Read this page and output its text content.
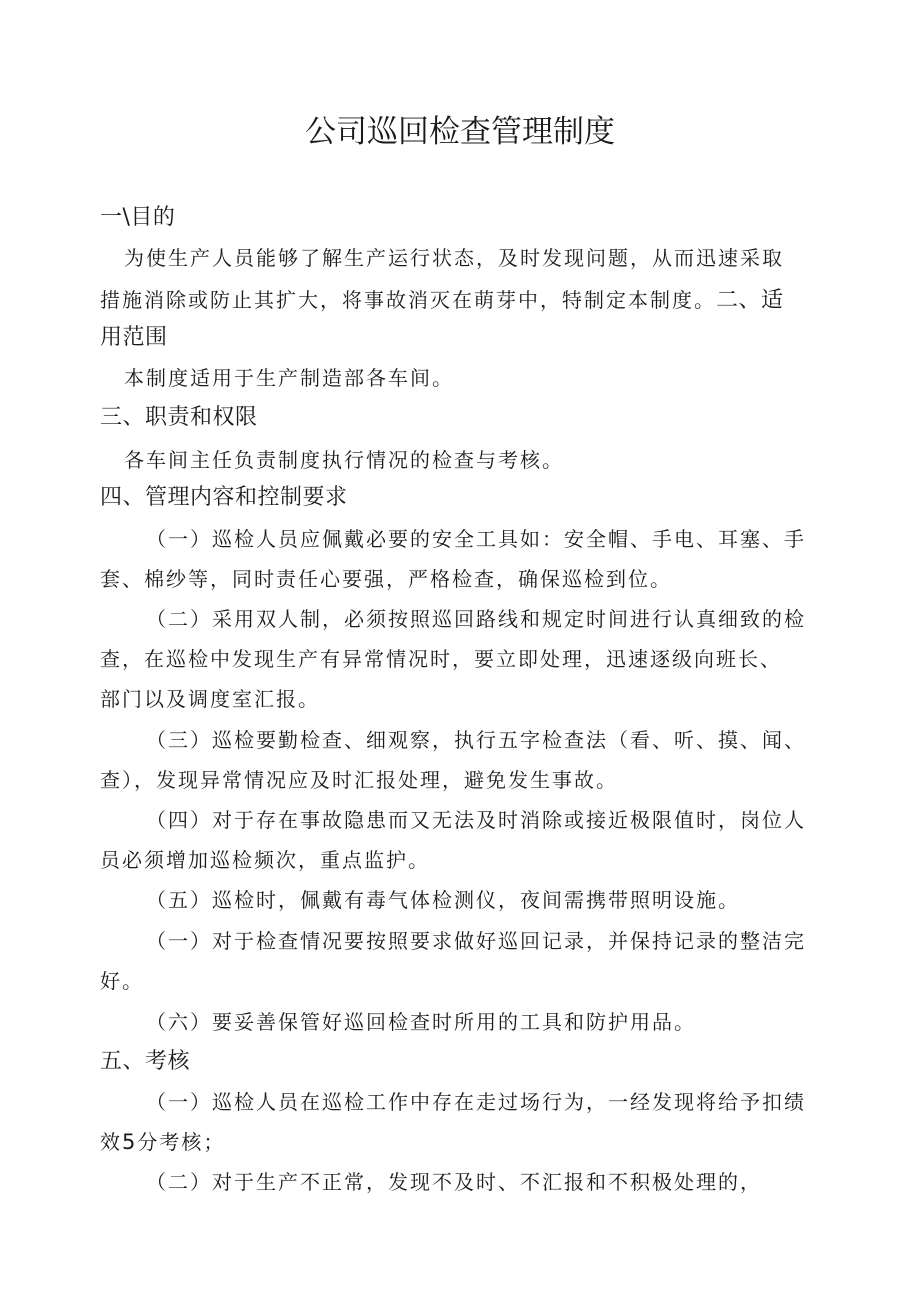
公司巡回检查管理制度
一\目的
为使生产人员能够了解生产运行状态，及时发现问题，从而迅速采取
措施消除或防止其扩大，将事故消灭在萌芽中，特制定本制度。二、适
用范围
本制度适用于生产制造部各车间。
三、职责和权限
各车间主任负责制度执行情况的检查与考核。
四、管理内容和控制要求
（一）巡检人员应佩戴必要的安全工具如：安全帽、手电、耳塞、手
套、棉纱等，同时责任心要强，严格检查，确保巡检到位。
（二）采用双人制，必须按照巡回路线和规定时间进行认真细致的检
查，在巡检中发现生产有异常情况时，要立即处理，迅速逐级向班长、
部门以及调度室汇报。
（三）巡检要勤检查、细观察，执行五字检查法（看、听、摸、闻、
查），发现异常情况应及时汇报处理，避免发生事故。
（四）对于存在事故隐患而又无法及时消除或接近极限值时，岗位人
员必须增加巡检频次，重点监护。
（五）巡检时，佩戴有毒气体检测仪，夜间需携带照明设施。
（一）对于检查情况要按照要求做好巡回记录，并保持记录的整洁完
好。
（六）要妥善保管好巡回检查时所用的工具和防护用品。
五、考核
（一）巡检人员在巡检工作中存在走过场行为，一经发现将给予扣绩
效5分考核；
（二）对于生产不正常，发现不及时、不汇报和不积极处理的，
